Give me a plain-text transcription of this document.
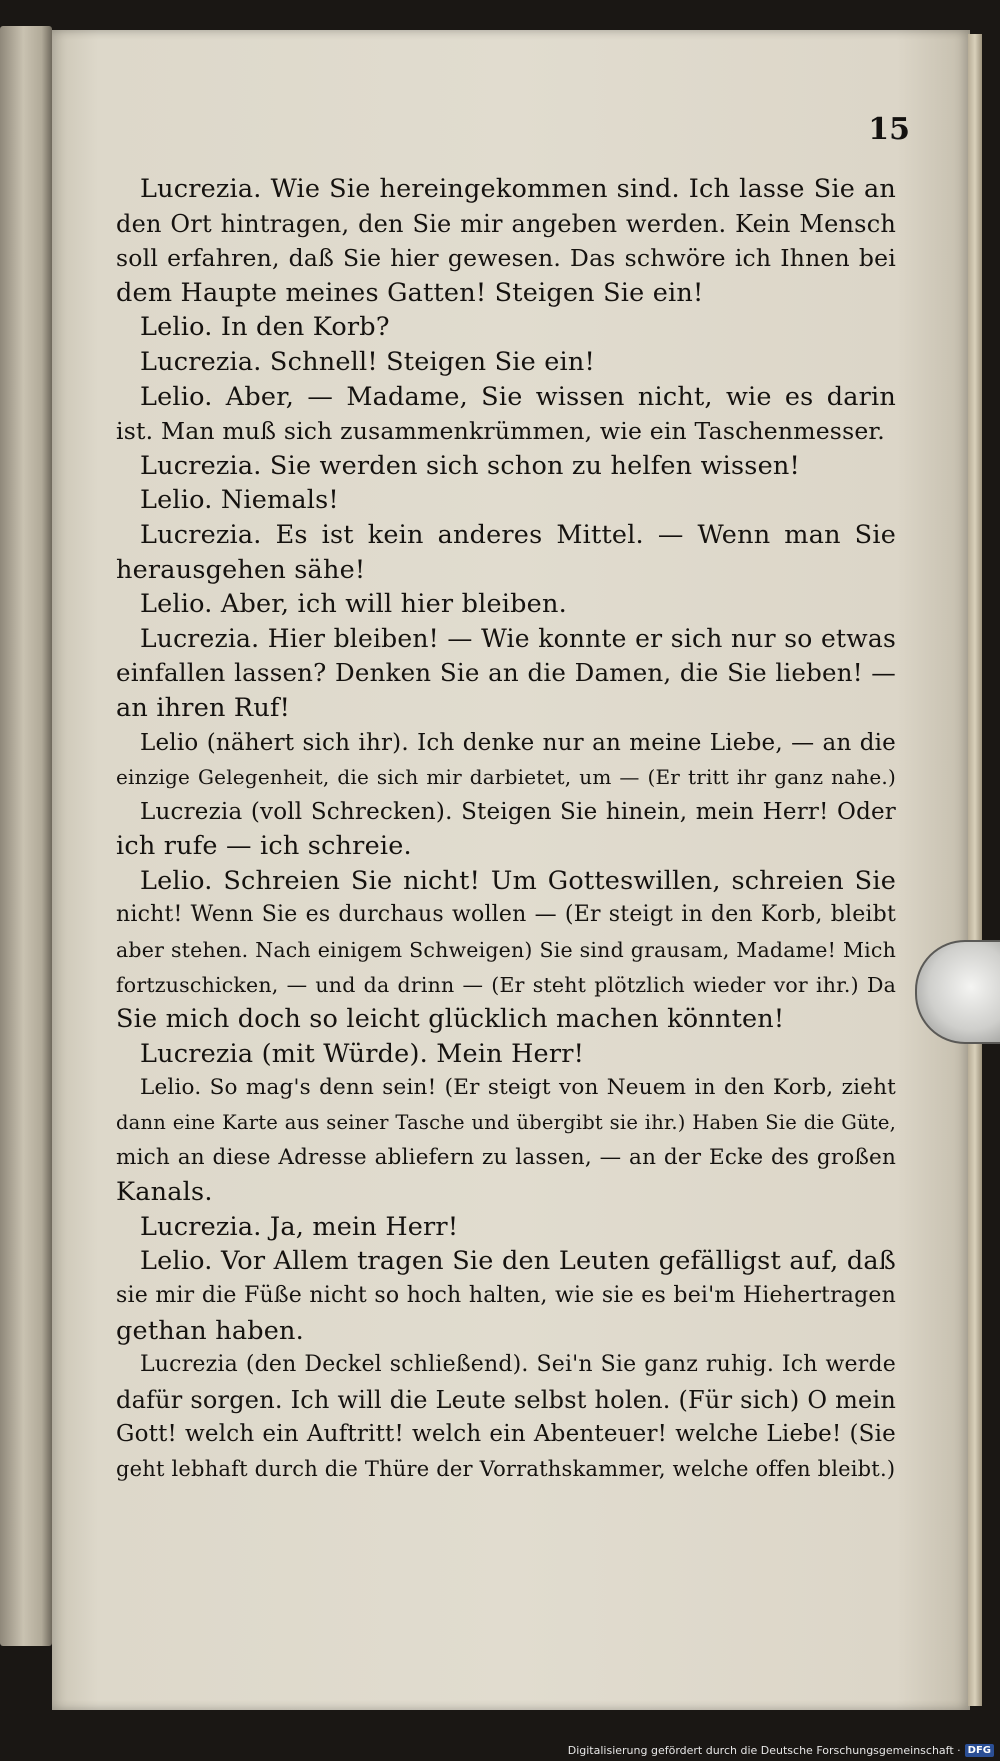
15
Lucrezia. Wie Sie hereingekommen sind. Ich lasse Sie an
den Ort hintragen, den Sie mir angeben werden. Kein Mensch
soll erfahren, daß Sie hier gewesen. Das schwöre ich Ihnen bei
dem Haupte meines Gatten! Steigen Sie ein!
Lelio. In den Korb?
Lucrezia. Schnell! Steigen Sie ein!
Lelio. Aber, — Madame, Sie wissen nicht, wie es darin
ist. Man muß sich zusammenkrümmen, wie ein Taschenmesser.
Lucrezia. Sie werden sich schon zu helfen wissen!
Lelio. Niemals!
Lucrezia. Es ist kein anderes Mittel. — Wenn man Sie
herausgehen sähe!
Lelio. Aber, ich will hier bleiben.
Lucrezia. Hier bleiben! — Wie konnte er sich nur so etwas
einfallen lassen? Denken Sie an die Damen, die Sie lieben! —
an ihren Ruf!
Lelio (nähert sich ihr). Ich denke nur an meine Liebe, — an die
einzige Gelegenheit, die sich mir darbietet, um — (Er tritt ihr ganz nahe.)
Lucrezia (voll Schrecken). Steigen Sie hinein, mein Herr! Oder
ich rufe — ich schreie.
Lelio. Schreien Sie nicht! Um Gotteswillen, schreien Sie
nicht! Wenn Sie es durchaus wollen — (Er steigt in den Korb, bleibt
aber stehen. Nach einigem Schweigen) Sie sind grausam, Madame! Mich
fortzuschicken, — und da drinn — (Er steht plötzlich wieder vor ihr.) Da
Sie mich doch so leicht glücklich machen könnten!
Lucrezia (mit Würde). Mein Herr!
Lelio. So mag's denn sein! (Er steigt von Neuem in den Korb, zieht
dann eine Karte aus seiner Tasche und übergibt sie ihr.) Haben Sie die Güte,
mich an diese Adresse abliefern zu lassen, — an der Ecke des großen
Kanals.
Lucrezia. Ja, mein Herr!
Lelio. Vor Allem tragen Sie den Leuten gefälligst auf, daß
sie mir die Füße nicht so hoch halten, wie sie es bei'm Hiehertragen
gethan haben.
Lucrezia (den Deckel schließend). Sei'n Sie ganz ruhig. Ich werde
dafür sorgen. Ich will die Leute selbst holen. (Für sich) O mein
Gott! welch ein Auftritt! welch ein Abenteuer! welche Liebe! (Sie
geht lebhaft durch die Thüre der Vorrathskammer, welche offen bleibt.)
Digitalisierung gefördert durch die Deutsche Forschungsgemeinschaft · DFG
